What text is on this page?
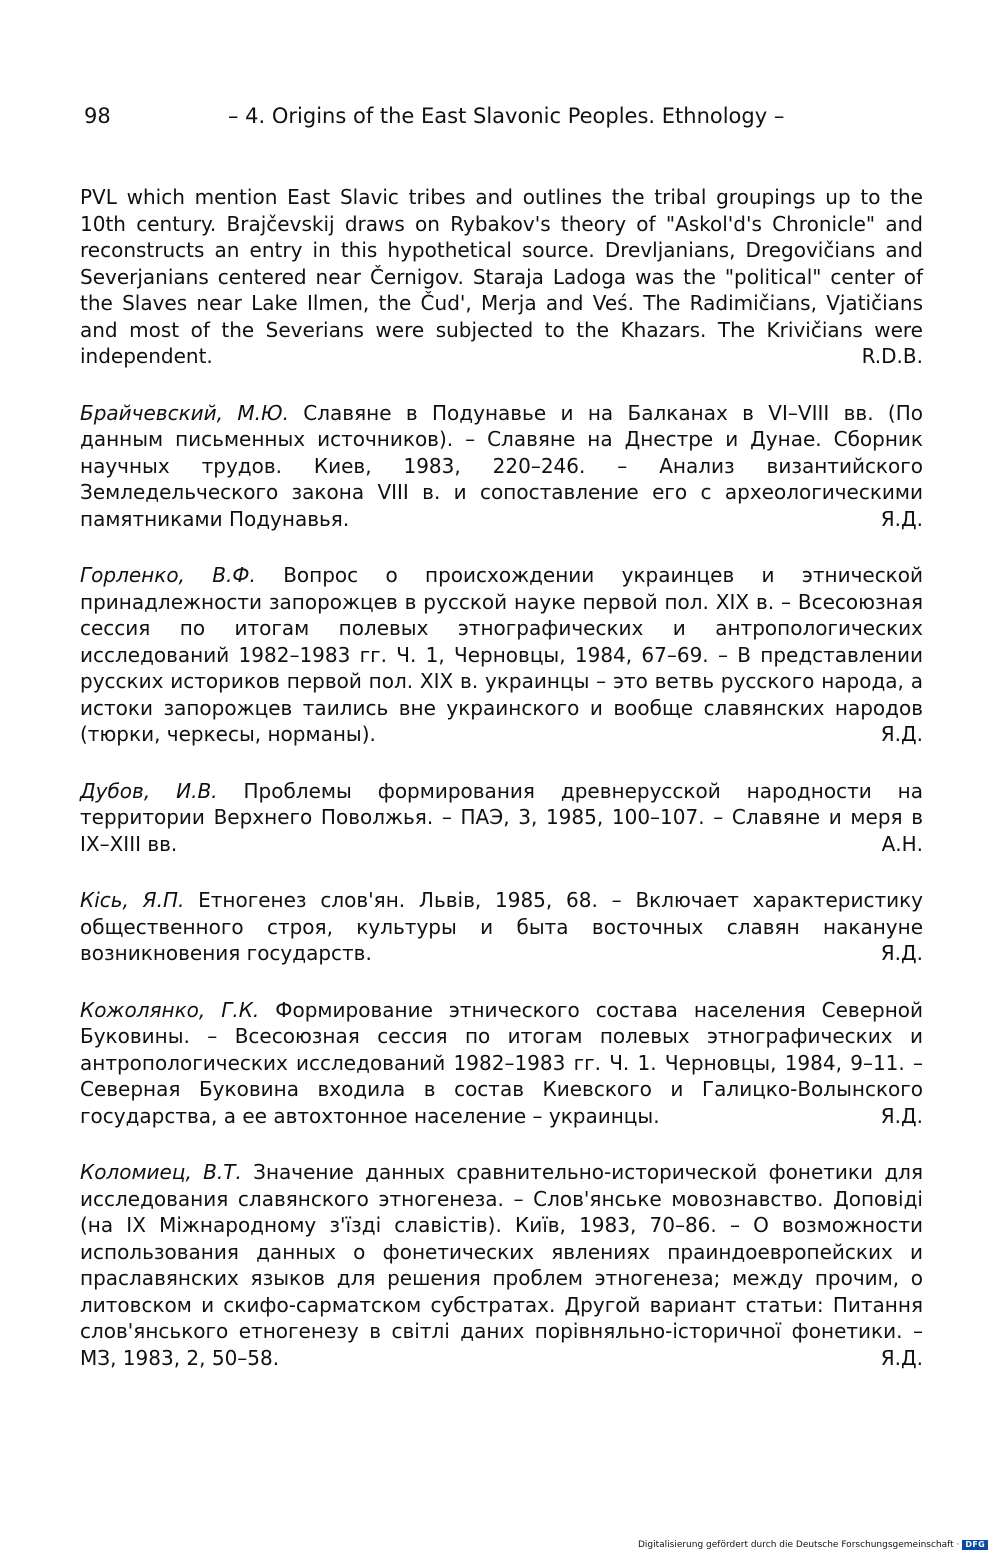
98	– 4. Origins of the East Slavonic Peoples. Ethnology –

PVL which mention East Slavic tribes and outlines the tribal groupings up to the 10th century. Brajčevskij draws on Rybakov's theory of "Askol'd's Chronicle" and reconstructs an entry in this hypothetical source. Drevljanians, Dregovičians and Severjanians centered near Černigov. Staraja Ladoga was the "political" center of the Slaves near Lake Ilmen, the Čud', Merja and Veś. The Radimičians, Vjatičians and most of the Severians were subjected to the Khazars. The Krivičians were independent.	R.D.B.

Брайчевский, М.Ю. Славяне в Подунавье и на Балканах в VI–VIII вв. (По данным письменных источников). – Славяне на Днестре и Дунае. Сборник научных трудов. Киев, 1983, 220–246. – Анализ византийского Земледельческого закона VIII в. и сопоставление его с археологическими памятниками Подунавья.	Я.Д.

Горленко, В.Ф. Вопрос о происхождении украинцев и этнической принадлежности запорожцев в русской науке первой пол. XIX в. – Всесоюзная сессия по итогам полевых этнографических и антропологических исследований 1982–1983 гг. Ч. 1, Черновцы, 1984, 67–69. – В представлении русских историков первой пол. XIX в. украинцы – это ветвь русского народа, а истоки запорожцев таились вне украинского и вообще славянских народов (тюрки, черкесы, норманы).	Я.Д.

Дубов, И.В. Проблемы формирования древнерусской народности на территории Верхнего Поволжья. – ПАЭ, 3, 1985, 100–107. – Славяне и меря в IX–XIII вв.	А.Н.

Кісь, Я.П. Етногенез слов'ян. Львів, 1985, 68. – Включает характеристику общественного строя, культуры и быта восточных славян накануне возникновения государств.	Я.Д.

Кожолянко, Г.К. Формирование этнического состава населения Северной Буковины. – Всесоюзная сессия по итогам полевых этнографических и антропологических исследований 1982–1983 гг. Ч. 1. Черновцы, 1984, 9–11. – Северная Буковина входила в состав Киевского и Галицко-Волынского государства, а ее автохтонное население – украинцы.	Я.Д.

Коломиец, В.Т. Значение данных сравнительно-исторической фонетики для исследования славянского этногенеза. – Слов'янське мовознавство. Доповіді (на IX Міжнародному з'їзді славістів). Київ, 1983, 70–86. – О возможности использования данных о фонетических явлениях праиндоевропейских и праславянских языков для решения проблем этногенеза; между прочим, о литовском и скифо-сарматском субстратах. Другой вариант статьи: Питання слов'янського етногенезу в світлі даних порівняльно-історичної фонетики. – МЗ, 1983, 2, 50–58.	Я.Д.

Digitalisierung gefördert durch die Deutsche Forschungsgemeinschaft · DFG
